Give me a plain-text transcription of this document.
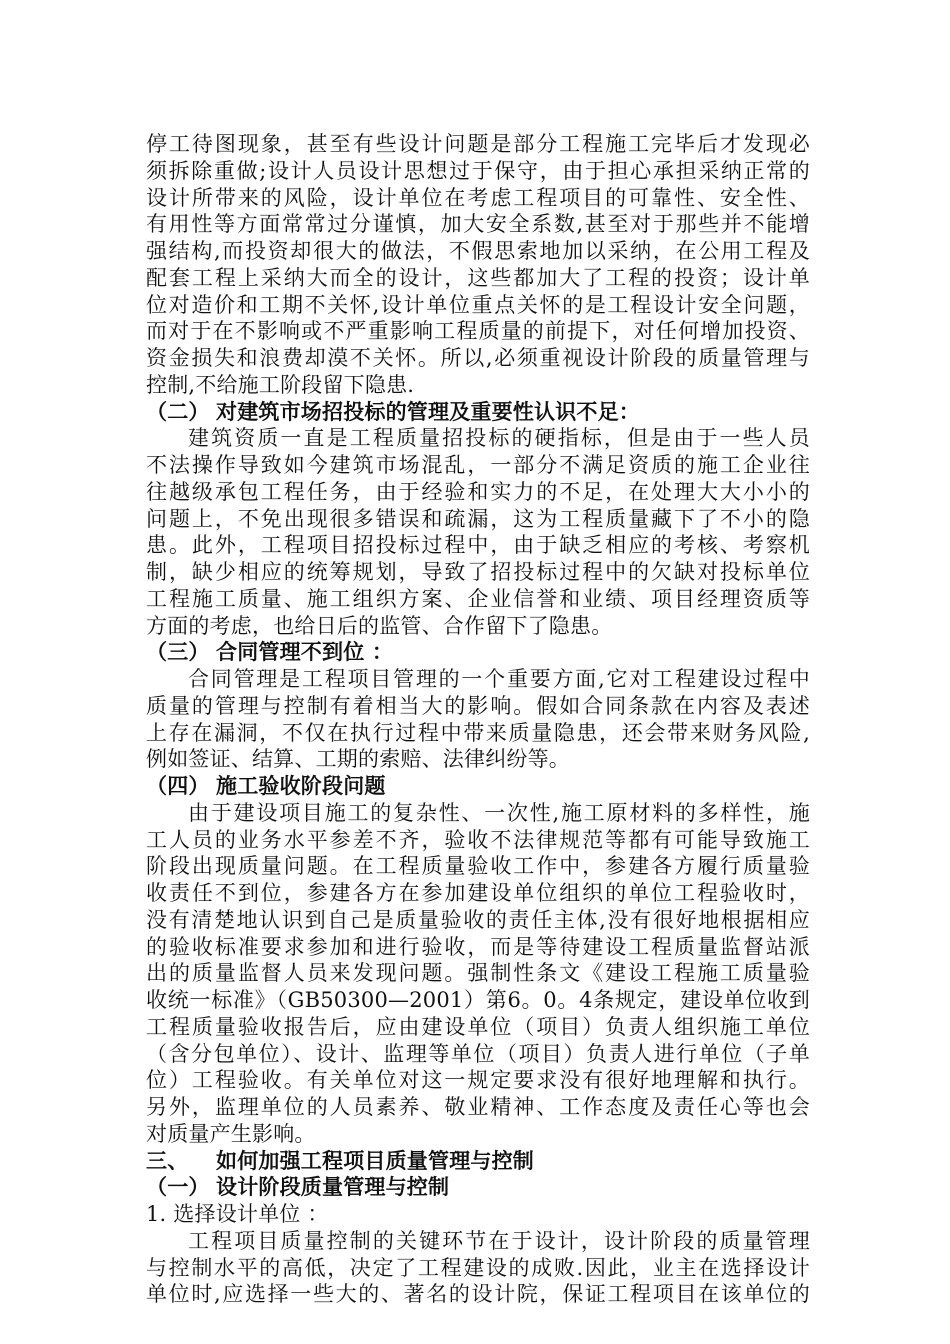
停工待图现象，甚至有些设计问题是部分工程施工完毕后才发现必
须拆除重做;设计人员设计思想过于保守，由于担心承担采纳正常的
设计所带来的风险，设计单位在考虑工程项目的可靠性、安全性、
有用性等方面常常过分谨慎，加大安全系数,甚至对于那些并不能增
强结构,而投资却很大的做法，不假思索地加以采纳，在公用工程及
配套工程上采纳大而全的设计，这些都加大了工程的投资；设计单
位对造价和工期不关怀,设计单位重点关怀的是工程设计安全问题，
而对于在不影响或不严重影响工程质量的前提下，对任何增加投资、
资金损失和浪费却漠不关怀。所以,必须重视设计阶段的质量管理与
控制,不给施工阶段留下隐患.
（二） 对建筑市场招投标的管理及重要性认识不足：
建筑资质一直是工程质量招投标的硬指标，但是由于一些人员
不法操作导致如今建筑市场混乱，一部分不满足资质的施工企业往
往越级承包工程任务，由于经验和实力的不足，在处理大大小小的
问题上，不免出现很多错误和疏漏，这为工程质量藏下了不小的隐
患。此外，工程项目招投标过程中，由于缺乏相应的考核、考察机
制，缺少相应的统筹规划，导致了招投标过程中的欠缺对投标单位
工程施工质量、施工组织方案、企业信誉和业绩、项目经理资质等
方面的考虑，也给日后的监管、合作留下了隐患。
（三） 合同管理不到位 ：
合同管理是工程项目管理的一个重要方面,它对工程建设过程中
质量的管理与控制有着相当大的影响。假如合同条款在内容及表述
上存在漏洞，不仅在执行过程中带来质量隐患，还会带来财务风险,
例如签证、结算、工期的索赔、法律纠纷等。
（四） 施工验收阶段问题
由于建设项目施工的复杂性、一次性,施工原材料的多样性，施
工人员的业务水平参差不齐，验收不法律规范等都有可能导致施工
阶段出现质量问题。在工程质量验收工作中，参建各方履行质量验
收责任不到位，参建各方在参加建设单位组织的单位工程验收时，
没有清楚地认识到自己是质量验收的责任主体,没有很好地根据相应
的验收标准要求参加和进行验收，而是等待建设工程质量监督站派
出的质量监督人员来发现问题。强制性条文《建设工程施工质量验
收统一标准》（GB50300—2001）第6。0。4条规定，建设单位收到
工程质量验收报告后，应由建设单位（项目）负责人组织施工单位
（含分包单位）、设计、监理等单位（项目）负责人进行单位（子单
位）工程验收。有关单位对这一规定要求没有很好地理解和执行。
另外，监理单位的人员素养、敬业精神、工作态度及责任心等也会
对质量产生影响。
三、 如何加强工程项目质量管理与控制
（一） 设计阶段质量管理与控制
1. 选择设计单位 ：
工程项目质量控制的关键环节在于设计，设计阶段的质量管理
与控制水平的高低，决定了工程建设的成败.因此，业主在选择设计
单位时,应选择一些大的、著名的设计院，保证工程项目在该单位的
